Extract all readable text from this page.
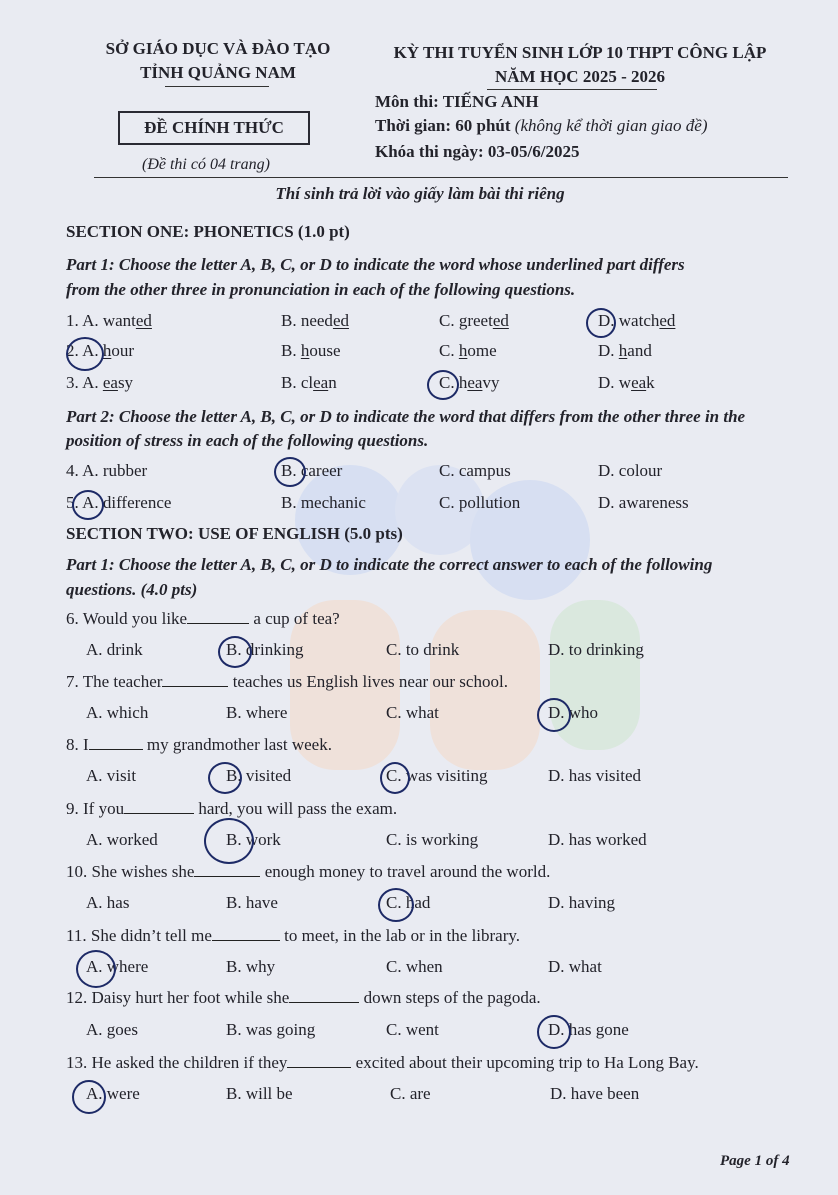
SỞ GIÁO DỤC VÀ ĐÀO TẠO
TỈNH QUẢNG NAM
KỲ THI TUYỂN SINH LỚP 10 THPT CÔNG LẬP
NĂM HỌC 2025 - 2026
Môn thi: TIẾNG ANH
Thời gian: 60 phút (không kể thời gian giao đề)
Khóa thi ngày: 03-05/6/2025
ĐỀ CHÍNH THỨC
(Đề thi có 04 trang)
Thí sinh trả lời vào giấy làm bài thi riêng
SECTION ONE: PHONETICS (1.0 pt)
Part 1: Choose the letter A, B, C, or D to indicate the word whose underlined part differs
from the other three in pronunciation in each of the following questions.
1. A. wanted	B. needed	C. greeted	D. watched
2. A. hour	B. house	C. home	D. hand
3. A. easy	B. clean	C. heavy	D. weak
Part 2: Choose the letter A, B, C, or D to indicate the word that differs from the other three in the
position of stress in each of the following questions.
4. A. rubber	B. career	C. campus	D. colour
5. A. difference	B. mechanic	C. pollution	D. awareness
SECTION TWO: USE OF ENGLISH (5.0 pts)
Part 1: Choose the letter A, B, C, or D to indicate the correct answer to each of the following
questions. (4.0 pts)
6. Would you like	a cup of tea?
A. drink	B. drinking	C. to drink	D. to drinking
7. The teacher	teaches us English lives near our school.
A. which	B. where	C. what	D. who
8. I	my grandmother last week.
A. visit	B. visited	C. was visiting	D. has visited
9. If you	hard, you will pass the exam.
A. worked	B. work	C. is working	D. has worked
10. She wishes she	enough money to travel around the world.
A. has	B. have	C. had	D. having
11. She didn’t tell me	to meet, in the lab or in the library.
A. where	B. why	C. when	D. what
12. Daisy hurt her foot while she	down steps of the pagoda.
A. goes	B. was going	C. went	D. has gone
13. He asked the children if they	excited about their upcoming trip to Ha Long Bay.
A. were	B. will be	C. are	D. have been
Page 1 of 4
